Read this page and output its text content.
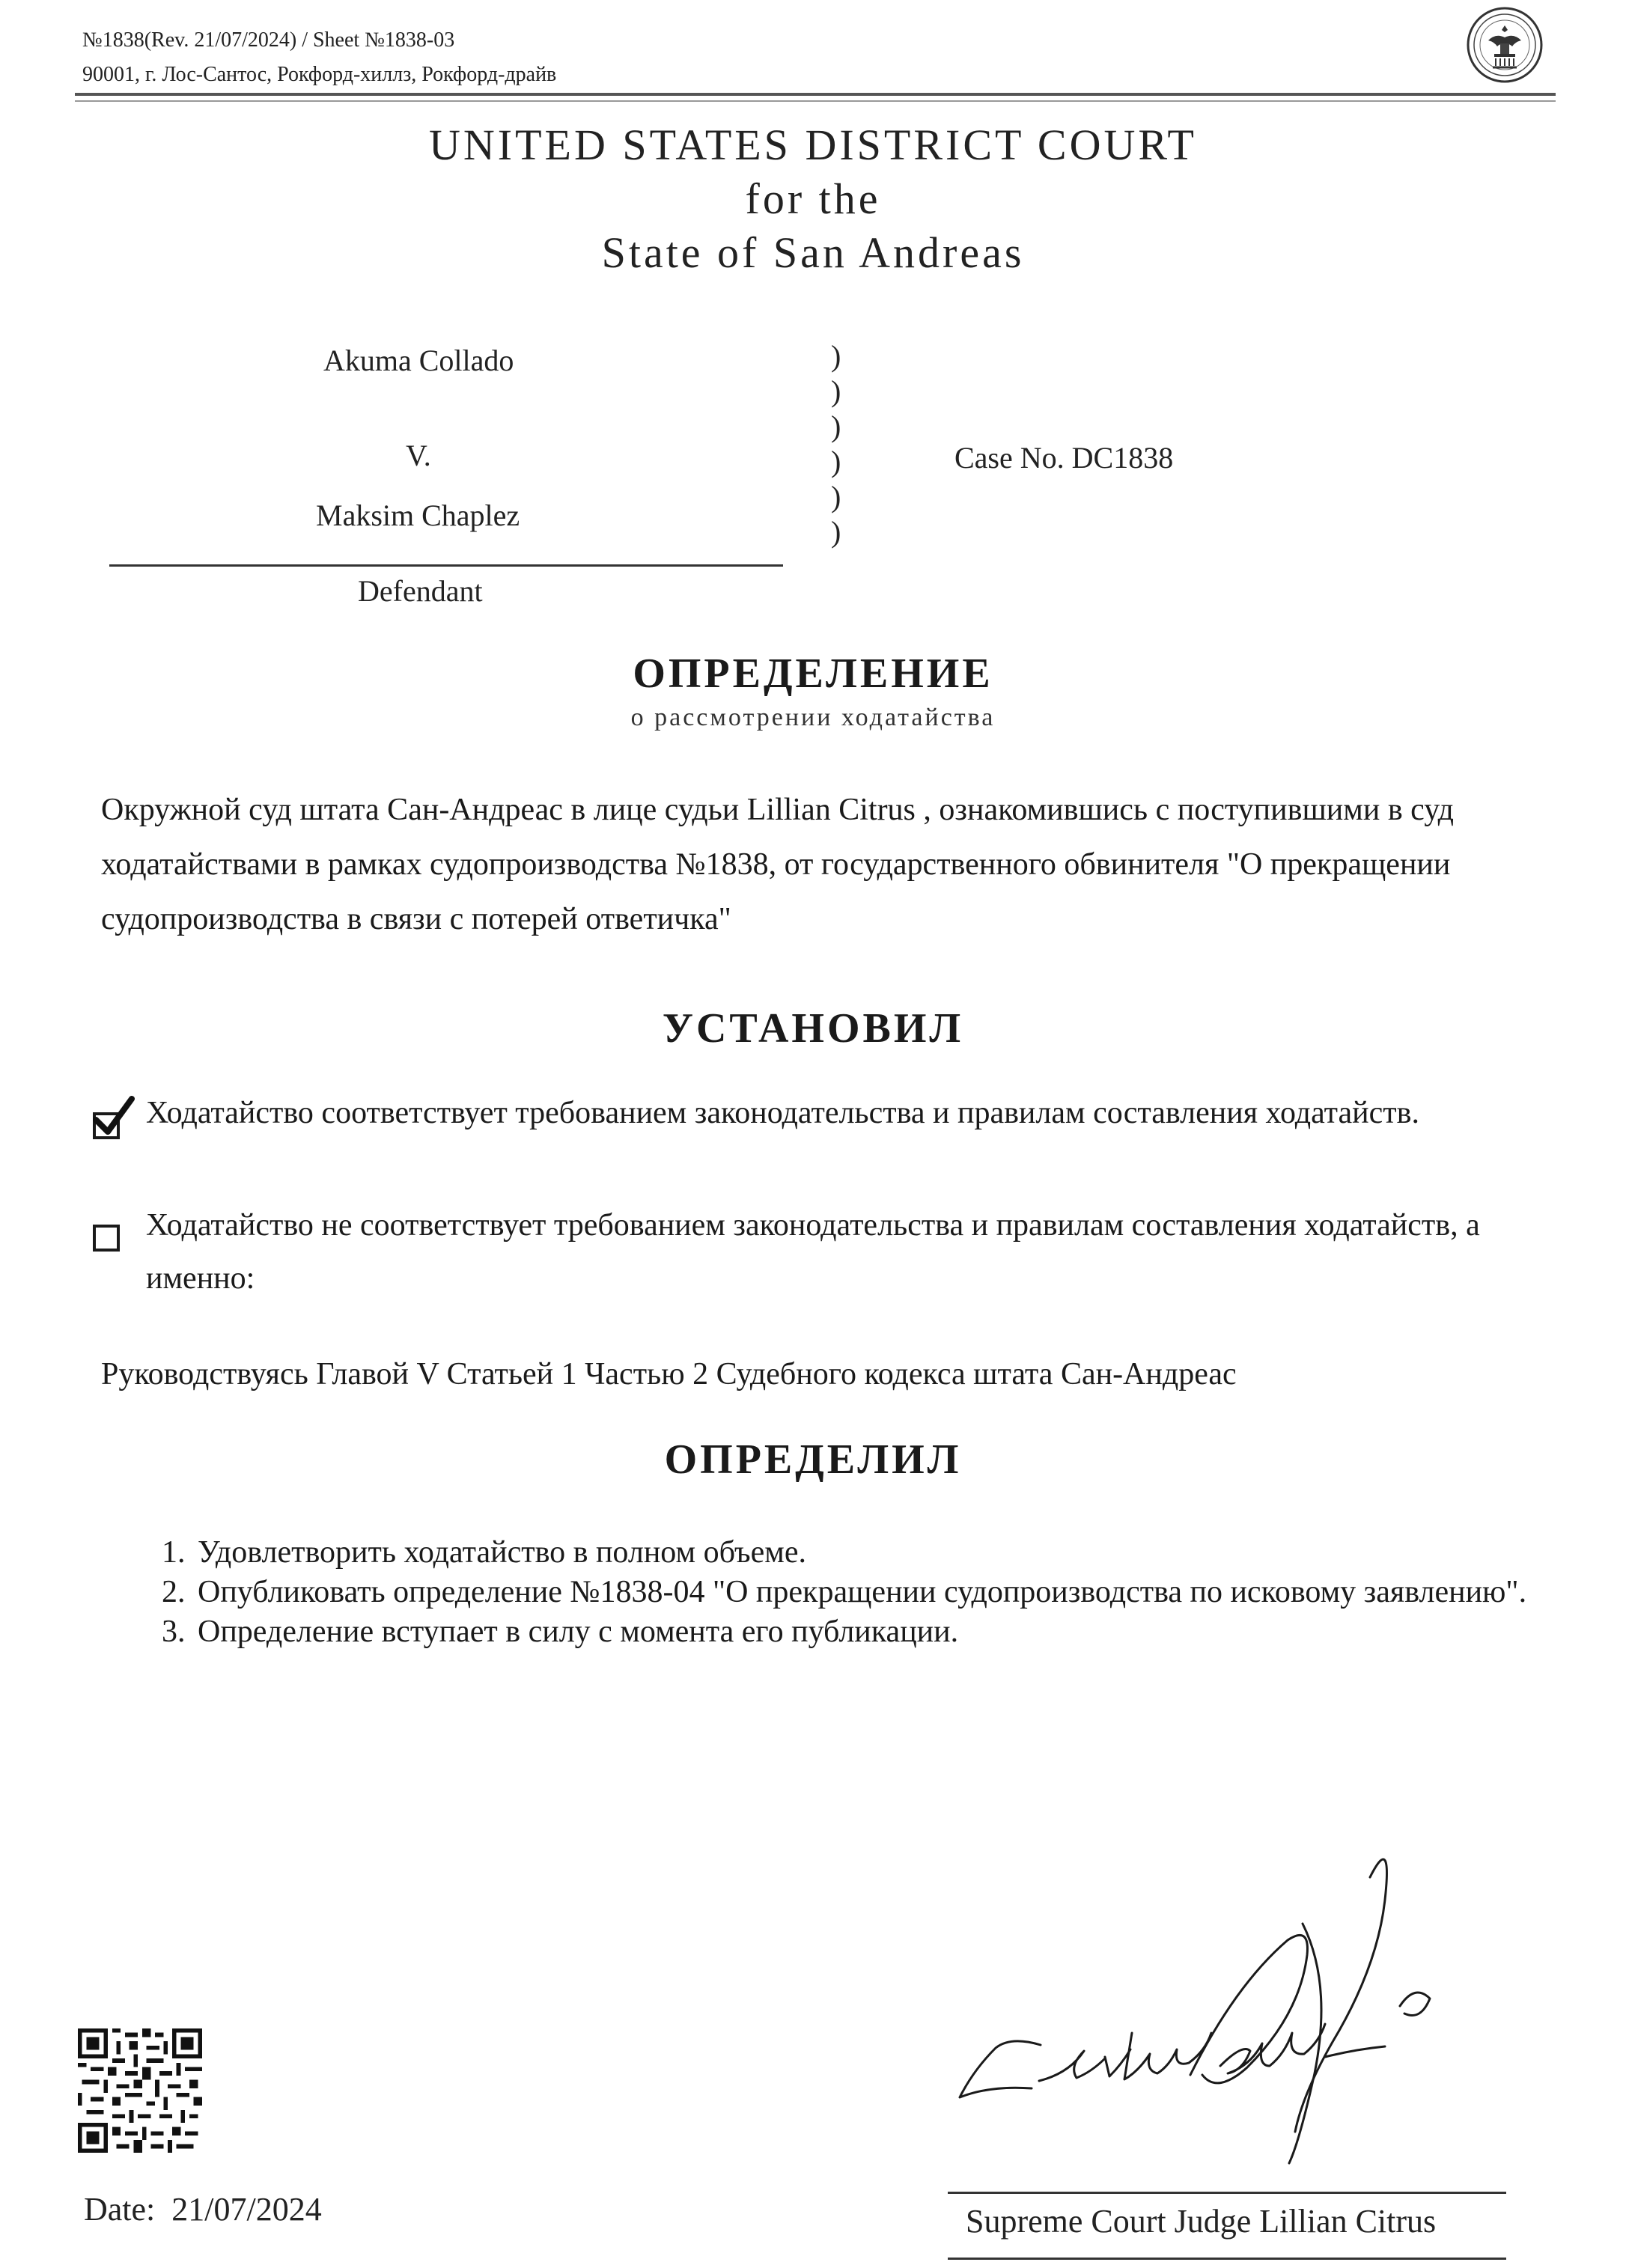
№1838(Rev. 21/07/2024) / Sheet №1838-03
90001, г. Лос-Сантос, Рокфорд-хиллз, Рокфорд-драйв
UNITED STATES DISTRICT COURT
for the
State of San Andreas
Akuma Collado
V.
Maksim Chaplez
Defendant
)
)
)
)
)
)
Case No. DC1838
ОПРЕДЕЛЕНИЕ
о рассмотрении ходатайства
Окружной суд штата Сан-Андреас в лице судьи Lillian Citrus , ознакомившись с поступившими в суд ходатайствами в рамках судопроизводства №1838, от государственного обвинителя "О прекращении судопроизводства в связи с потерей ответичка"
УСТАНОВИЛ
Ходатайство соответствует требованием законодательства и правилам составления ходатайств.
Ходатайство не соответствует требованием законодательства и правилам составления ходатайств, а именно:
Руководствуясь Главой V Статьей 1 Частью 2 Судебного кодекса штата Сан-Андреас
ОПРЕДЕЛИЛ
1. Удовлетворить ходатайство в полном объеме.
2. Опубликовать определение №1838-04 "О прекращении судопроизводства по исковому заявлению".
3. Определение вступает в силу с момента его публикации.
Date: 21/07/2024	Supreme Court Judge Lillian Citrus
